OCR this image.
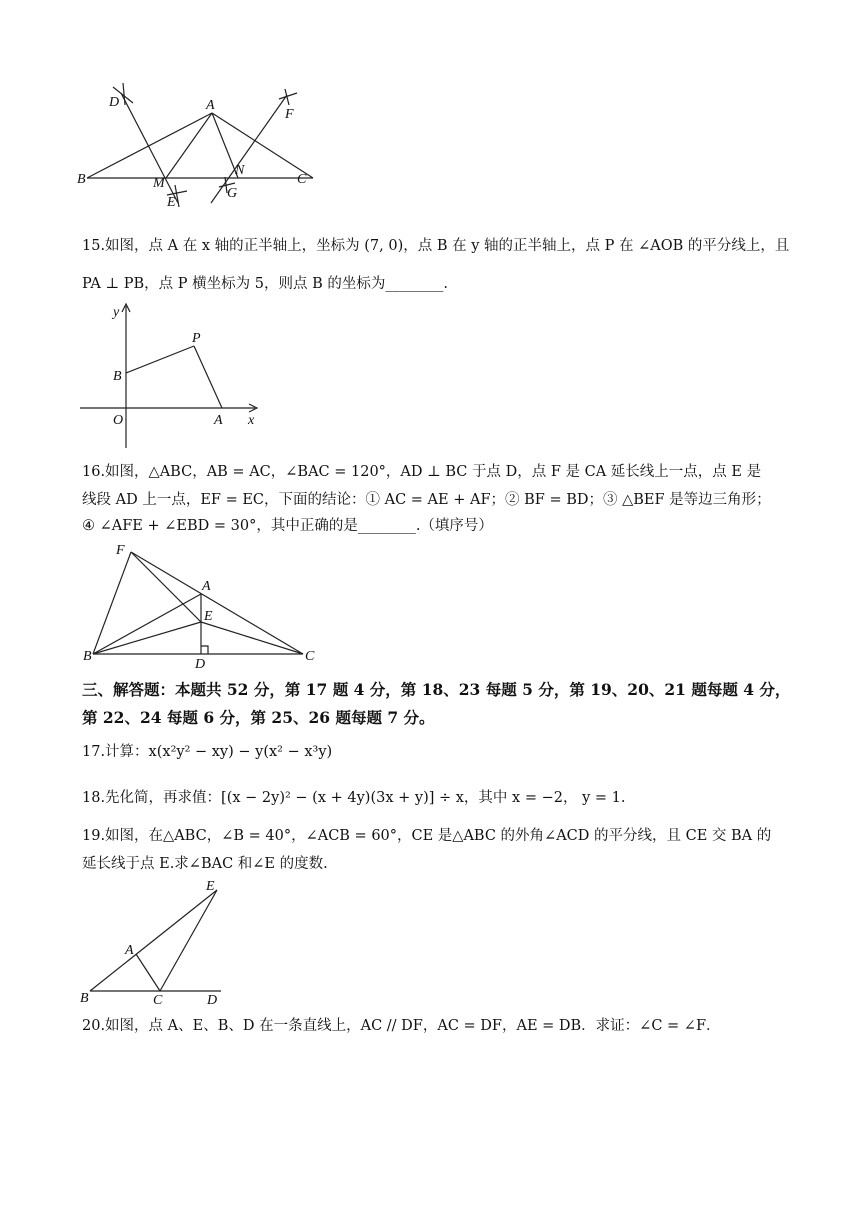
A
B	C
D
E
F
G
M
N
15.如图，点 A 在 x 轴的正半轴上，坐标为 (7, 0)，点 B 在 y 轴的正半轴上，点 P 在 ∠AOB 的平分线上，且
PA ⊥ PB，点 P 横坐标为 5，则点 B 的坐标为________.
y
P
B
O	A x
16.如图，△ABC，AB = AC，∠BAC = 120°，AD ⊥ BC 于点 D，点 F 是 CA 延长线上一点，点 E 是
线段 AD 上一点，EF = EC，下面的结论：① AC = AE + AF；② BF = BD；③ △BEF 是等边三角形；
④ ∠AFE + ∠EBD = 30°，其中正确的是________.（填序号）
F
A
E
B
D
C
三、解答题：本题共 52 分，第 17 题 4 分，第 18、23 每题 5 分，第 19、20、21 题每题 4 分，
第 22、24 每题 6 分，第 25、26 题每题 7 分。
17.计算：x(x²y² − xy) − y(x² − x³y)
18.先化简，再求值：[(x − 2y)² − (x + 4y)(3x + y)] ÷ x，其中 x = −2， y = 1.
19.如图，在△ABC，∠B = 40°，∠ACB = 60°，CE 是△ABC 的外角∠ACD 的平分线，且 CE 交 BA 的
延长线于点 E.求∠BAC 和∠E 的度数.
E
A
B	C	D
20.如图，点 A、E、B、D 在一条直线上，AC // DF，AC = DF，AE = DB．求证：∠C = ∠F．
